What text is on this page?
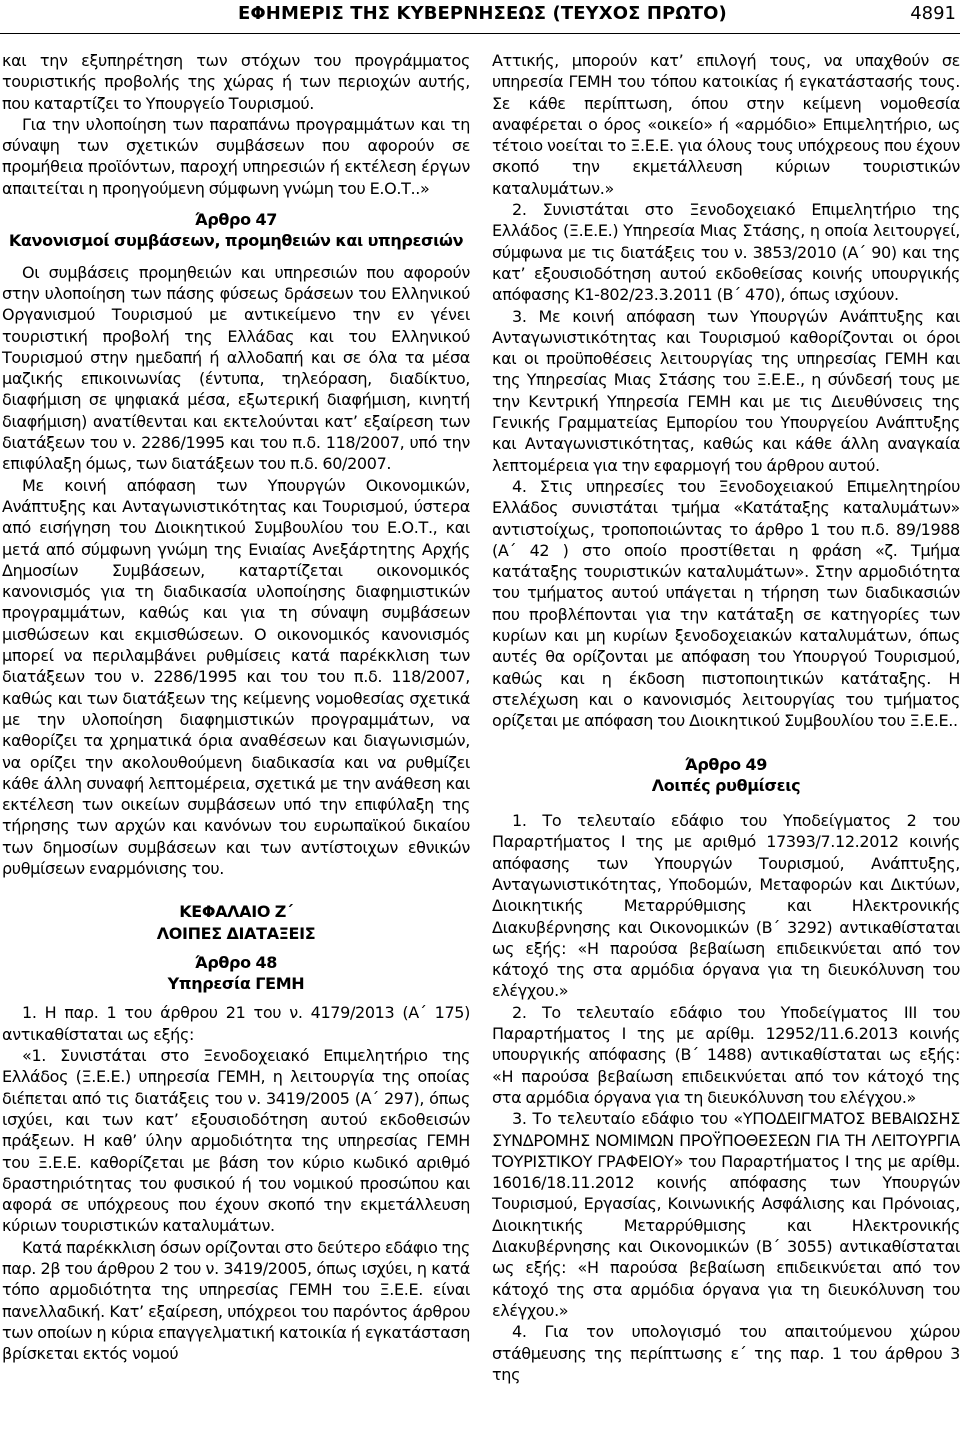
ΕΦΗΜΕΡΙΣ ΤΗΣ ΚΥΒΕΡΝΗΣΕΩΣ (ΤΕΥΧΟΣ ΠΡΩΤΟ)	4891

και την εξυπηρέτηση των στόχων του προγράμματος τουριστικής προβολής της χώρας ή των περιοχών αυτής, που καταρτίζει το Υπουργείο Τουρισμού.

Για την υλοποίηση των παραπάνω προγραμμάτων και τη σύναψη των σχετικών συμβάσεων που αφορούν σε προμήθεια προϊόντων, παροχή υπηρεσιών ή εκτέλεση έργων απαιτείται η προηγούμενη σύμφωνη γνώμη του Ε.Ο.Τ..»

Άρθρο 47
Κανονισμοί συμβάσεων, προμηθειών και υπηρεσιών

Οι συμβάσεις προμηθειών και υπηρεσιών που αφορούν στην υλοποίηση των πάσης φύσεως δράσεων του Ελληνικού Οργανισμού Τουρισμού με αντικείμενο την εν γένει τουριστική προβολή της Ελλάδας και του Ελληνικού Τουρισμού στην ημεδαπή ή αλλοδαπή και σε όλα τα μέσα μαζικής επικοινωνίας (έντυπα, τηλεόραση, διαδίκτυο, διαφήμιση σε ψηφιακά μέσα, εξωτερική διαφήμιση, κινητή διαφήμιση) ανατίθενται και εκτελούνται κατ’ εξαίρεση των διατάξεων του ν. 2286/1995 και του π.δ. 118/2007, υπό την επιφύλαξη όμως, των διατάξεων του π.δ. 60/2007.

Με κοινή απόφαση των Υπουργών Οικονομικών, Ανάπτυξης και Ανταγωνιστικότητας και Τουρισμού, ύστερα από εισήγηση του Διοικητικού Συμβουλίου του Ε.Ο.Τ., και μετά από σύμφωνη γνώμη της Ενιαίας Ανεξάρτητης Αρχής Δημοσίων Συμβάσεων, καταρτίζεται οικονομικός κανονισμός για τη διαδικασία υλοποίησης διαφημιστικών προγραμμάτων, καθώς και για τη σύναψη συμβάσεων μισθώσεων και εκμισθώσεων. Ο οικονομικός κανονισμός μπορεί να περιλαμβάνει ρυθμίσεις κατά παρέκκλιση των διατάξεων του ν. 2286/1995 και του του π.δ. 118/2007, καθώς και των διατάξεων της κείμενης νομοθεσίας σχετικά με την υλοποίηση διαφημιστικών προγραμμάτων, να καθορίζει τα χρηματικά όρια αναθέσεων και διαγωνισμών, να ορίζει την ακολουθούμενη διαδικασία και να ρυθμίζει κάθε άλλη συναφή λεπτομέρεια, σχετικά με την ανάθεση και εκτέλεση των οικείων συμβάσεων υπό την επιφύλαξη της τήρησης των αρχών και κανόνων του ευρωπαϊκού δικαίου των δημοσίων συμβάσεων και των αντίστοιχων εθνικών ρυθμίσεων εναρμόνισης του.

ΚΕΦΑΛΑΙΟ Ζ΄
ΛΟΙΠΕΣ ΔΙΑΤΑΞΕΙΣ
Άρθρο 48
Υπηρεσία ΓΕΜΗ

1. Η παρ. 1 του άρθρου 21 του ν. 4179/2013 (Α΄ 175) αντικαθίσταται ως εξής:

«1. Συνιστάται στο Ξενοδοχειακό Επιμελητήριο της Ελλάδος (Ξ.Ε.Ε.) υπηρεσία ΓΕΜΗ, η λειτουργία της οποίας διέπεται από τις διατάξεις του ν. 3419/2005 (Α΄ 297), όπως ισχύει, και των κατ’ εξουσιοδότηση αυτού εκδοθεισών πράξεων. Η καθ’ ύλην αρμοδιότητα της υπηρεσίας ΓΕΜΗ του Ξ.Ε.Ε. καθορίζεται με βάση τον κύριο κωδικό αριθμό δραστηριότητας του φυσικού ή του νομικού προσώπου και αφορά σε υπόχρεους που έχουν σκοπό την εκμετάλλευση κύριων τουριστικών καταλυμάτων.

Κατά παρέκκλιση όσων ορίζονται στο δεύτερο εδάφιο της παρ. 2β του άρθρου 2 του ν. 3419/2005, όπως ισχύει, η κατά τόπο αρμοδιότητα της υπηρεσίας ΓΕΜΗ του Ξ.Ε.Ε. είναι πανελλαδική. Κατ’ εξαίρεση, υπόχρεοι του παρόντος άρθρου των οποίων η κύρια επαγγελματική κατοικία ή εγκατάσταση βρίσκεται εκτός νομού

Αττικής, μπορούν κατ’ επιλογή τους, να υπαχθούν σε υπηρεσία ΓΕΜΗ του τόπου κατοικίας ή εγκατάστασής τους. Σε κάθε περίπτωση, όπου στην κείμενη νομοθεσία αναφέρεται ο όρος «οικείο» ή «αρμόδιο» Επιμελητήριο, ως τέτοιο νοείται το Ξ.Ε.Ε. για όλους τους υπόχρεους που έχουν σκοπό την εκμετάλλευση κύριων τουριστικών καταλυμάτων.»

2. Συνιστάται στο Ξενοδοχειακό Επιμελητήριο της Ελλάδος (Ξ.Ε.Ε.) Υπηρεσία Μιας Στάσης, η οποία λειτουργεί, σύμφωνα με τις διατάξεις του ν. 3853/2010 (Α΄ 90) και της κατ’ εξουσιοδότηση αυτού εκδοθείσας κοινής υπουργικής απόφασης Κ1‑802/23.3.2011 (Β΄ 470), όπως ισχύουν.

3. Με κοινή απόφαση των Υπουργών Ανάπτυξης και Ανταγωνιστικότητας και Τουρισμού καθορίζονται οι όροι και οι προϋποθέσεις λειτουργίας της υπηρεσίας ΓΕΜΗ και της Υπηρεσίας Μιας Στάσης του Ξ.Ε.Ε., η σύνδεσή τους με την Κεντρική Υπηρεσία ΓΕΜΗ και με τις Διευθύνσεις της Γενικής Γραμματείας Εμπορίου του Υπουργείου Ανάπτυξης και Ανταγωνιστικότητας, καθώς και κάθε άλλη αναγκαία λεπτομέρεια για την εφαρμογή του άρθρου αυτού.

4. Στις υπηρεσίες του Ξενοδοχειακού Επιμελητηρίου Ελλάδος συνιστάται τμήμα «Κατάταξης καταλυμάτων» αντιστοίχως, τροποποιώντας το άρθρο 1 του π.δ. 89/1988 (Α΄ 42 ) στο οποίο προστίθεται η φράση «ζ. Τμήμα κατάταξης τουριστικών καταλυμάτων». Στην αρμοδιότητα του τμήματος αυτού υπάγεται η τήρηση των διαδικασιών που προβλέπονται για την κατάταξη σε κατηγορίες των κυρίων και μη κυρίων ξενοδοχειακών καταλυμάτων, όπως αυτές θα ορίζονται με απόφαση του Υπουργού Τουρισμού, καθώς και η έκδοση πιστοποιητικών κατάταξης. Η στελέχωση και ο κανονισμός λειτουργίας του τμήματος ορίζεται με απόφαση του Διοικητικού Συμβουλίου του Ξ.Ε.Ε..

Άρθρο 49
Λοιπές ρυθμίσεις

1. Το τελευταίο εδάφιο του Υποδείγματος 2 του Παραρτήματος I της με αριθμό 17393/7.12.2012 κοινής απόφασης των Υπουργών Τουρισμού, Ανάπτυξης, Ανταγωνιστικότητας, Υποδομών, Μεταφορών και Δικτύων, Διοικητικής Μεταρρύθμισης και Ηλεκτρονικής Διακυβέρνησης και Οικονομικών (Β΄ 3292) αντικαθίσταται ως εξής: «Η παρούσα βεβαίωση επιδεικνύεται από τον κάτοχό της στα αρμόδια όργανα για τη διευκόλυνση του ελέγχου.»

2. Το τελευταίο εδάφιο του Υποδείγματος III του Παραρτήματος I της με αρίθμ. 12952/11.6.2013 κοινής υπουργικής απόφασης (Β΄ 1488) αντικαθίσταται ως εξής: «Η παρούσα βεβαίωση επιδεικνύεται από τον κάτοχό της στα αρμόδια όργανα για τη διευκόλυνση του ελέγχου.»

3. Το τελευταίο εδάφιο του «ΥΠΟΔΕΙΓΜΑΤΟΣ ΒΕΒΑΙΩΣΗΣ ΣΥΝΔΡΟΜΗΣ ΝΟΜΙΜΩΝ ΠΡΟΫΠΟΘΕΣΕΩΝ ΓΙΑ ΤΗ ΛΕΙΤΟΥΡΓΙΑ ΤΟΥΡΙΣΤΙΚΟΥ ΓΡΑΦΕΙΟΥ» του Παραρτήματος I της με αρίθμ. 16016/18.11.2012 κοινής απόφασης των Υπουργών Τουρισμού, Εργασίας, Κοινωνικής Ασφάλισης και Πρόνοιας, Διοικητικής Μεταρρύθμισης και Ηλεκτρονικής Διακυβέρνησης και Οικονομικών (Β΄ 3055) αντικαθίσταται ως εξής: «Η παρούσα βεβαίωση επιδεικνύεται από τον κάτοχό της στα αρμόδια όργανα για τη διευκόλυνση του ελέγχου.»

4. Για τον υπολογισμό του απαιτούμενου χώρου στάθμευσης της περίπτωσης ε΄ της παρ. 1 του άρθρου 3 της
